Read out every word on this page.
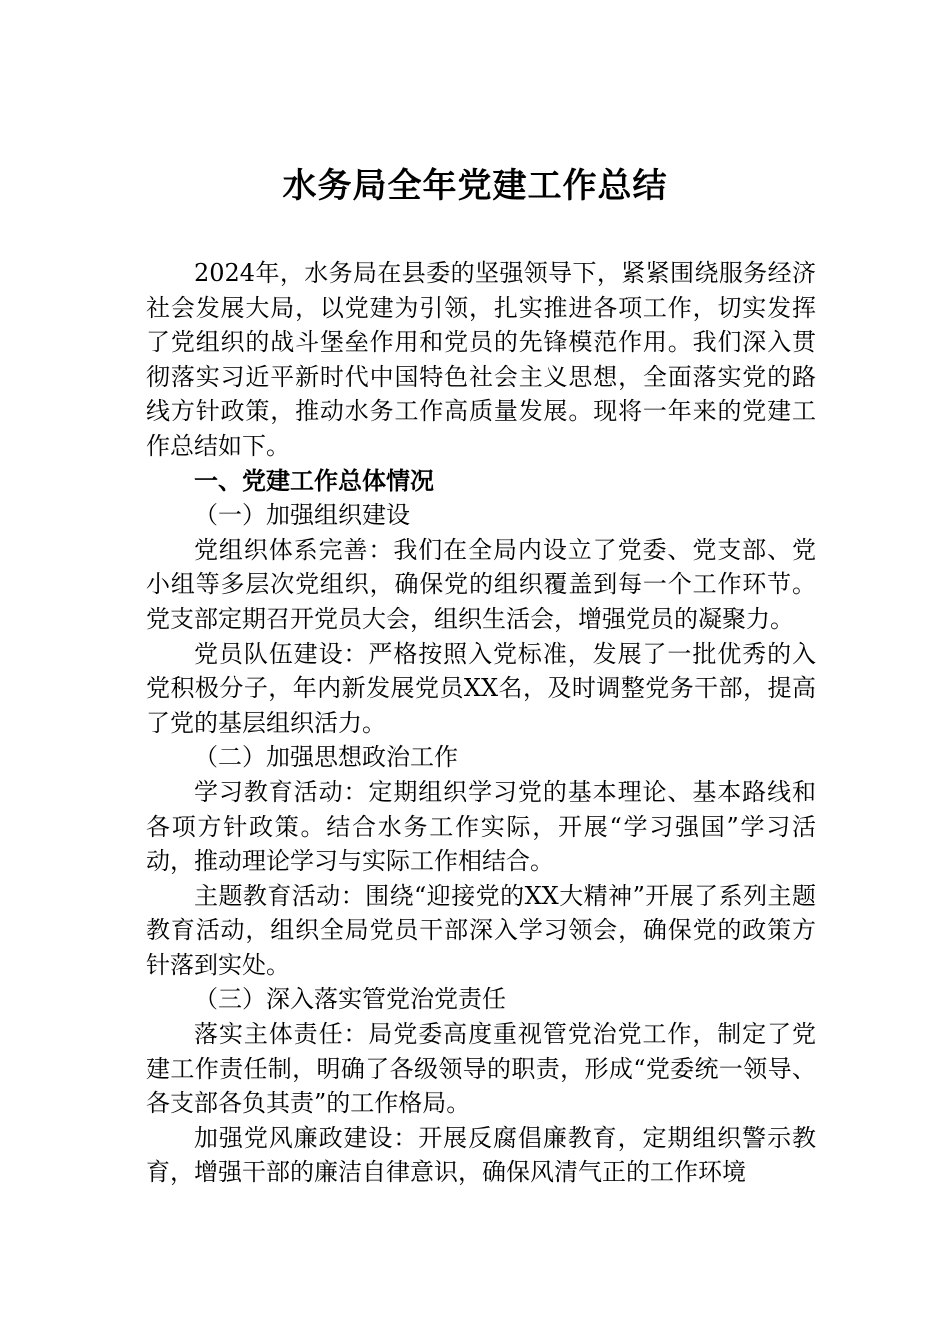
水务局全年党建工作总结

2024年，水务局在县委的坚强领导下，紧紧围绕服务经济社会发展大局，以党建为引领，扎实推进各项工作，切实发挥了党组织的战斗堡垒作用和党员的先锋模范作用。我们深入贯彻落实习近平新时代中国特色社会主义思想，全面落实党的路线方针政策，推动水务工作高质量发展。现将一年来的党建工作总结如下。

一、党建工作总体情况

（一）加强组织建设

党组织体系完善：我们在全局内设立了党委、党支部、党小组等多层次党组织，确保党的组织覆盖到每一个工作环节。党支部定期召开党员大会，组织生活会，增强党员的凝聚力。

党员队伍建设：严格按照入党标准，发展了一批优秀的入党积极分子，年内新发展党员XX名，及时调整党务干部，提高了党的基层组织活力。

（二）加强思想政治工作

学习教育活动：定期组织学习党的基本理论、基本路线和各项方针政策。结合水务工作实际，开展“学习强国”学习活动，推动理论学习与实际工作相结合。

主题教育活动：围绕“迎接党的XX大精神”开展了系列主题教育活动，组织全局党员干部深入学习领会，确保党的政策方针落到实处。

（三）深入落实管党治党责任

落实主体责任：局党委高度重视管党治党工作，制定了党建工作责任制，明确了各级领导的职责，形成“党委统一领导、各支部各负其责”的工作格局。

加强党风廉政建设：开展反腐倡廉教育，定期组织警示教育，增强干部的廉洁自律意识，确保风清气正的工作环境
